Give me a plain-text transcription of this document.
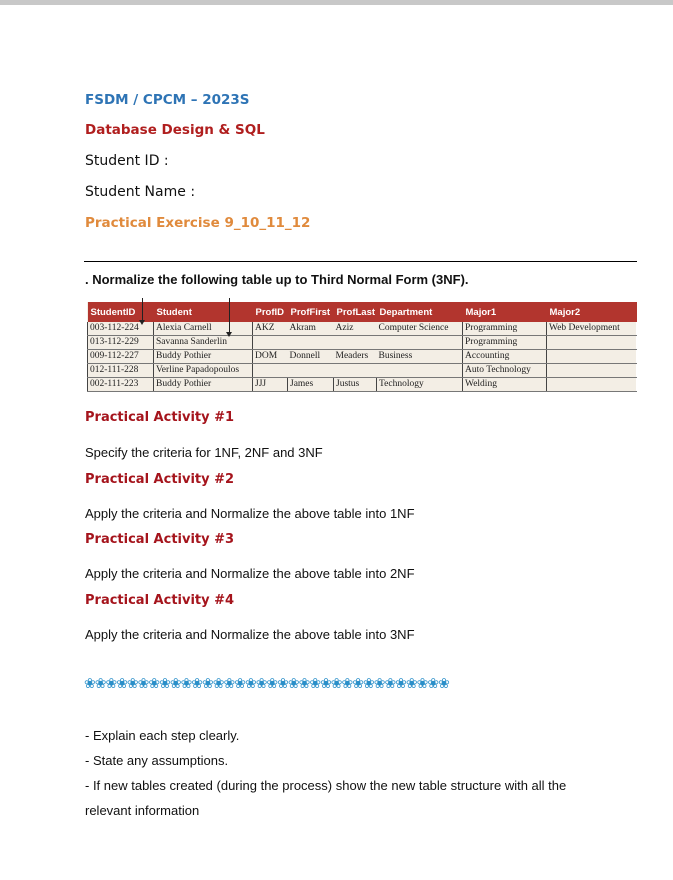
FSDM / CPCM – 2023S
Database Design & SQL
Student ID :
Student Name :
Practical Exercise 9_10_11_12
. Normalize the following table up to Third Normal Form (3NF).
StudentID	Student	ProfID	ProfFirst	ProfLast	Department	Major1	Major2
003-112-224	Alexia Carnell	AKZ	Akram	Aziz	Computer Science	Programming	Web Development
013-112-229	Savanna Sanderlin					Programming	
009-112-227	Buddy Pothier	DOM	Donnell	Meaders	Business	Accounting	
012-111-228	Verline Papadopoulos					Auto Technology	
002-111-223	Buddy Pothier	JJJ	James	Justus	Technology	Welding	
Practical Activity #1
Specify the criteria for 1NF, 2NF and 3NF
Practical Activity #2
Apply the criteria and Normalize the above table into 1NF
Practical Activity #3
Apply the criteria and Normalize the above table into 2NF
Practical Activity #4
Apply the criteria and Normalize the above table into 3NF
❀❀❀❀❀❀❀❀❀❀❀❀❀❀❀❀❀❀❀❀❀❀❀❀❀❀❀❀❀❀❀❀❀❀
- Explain each step clearly.
- State any assumptions.
- If new tables created (during the process) show the new table structure with all the
relevant information
